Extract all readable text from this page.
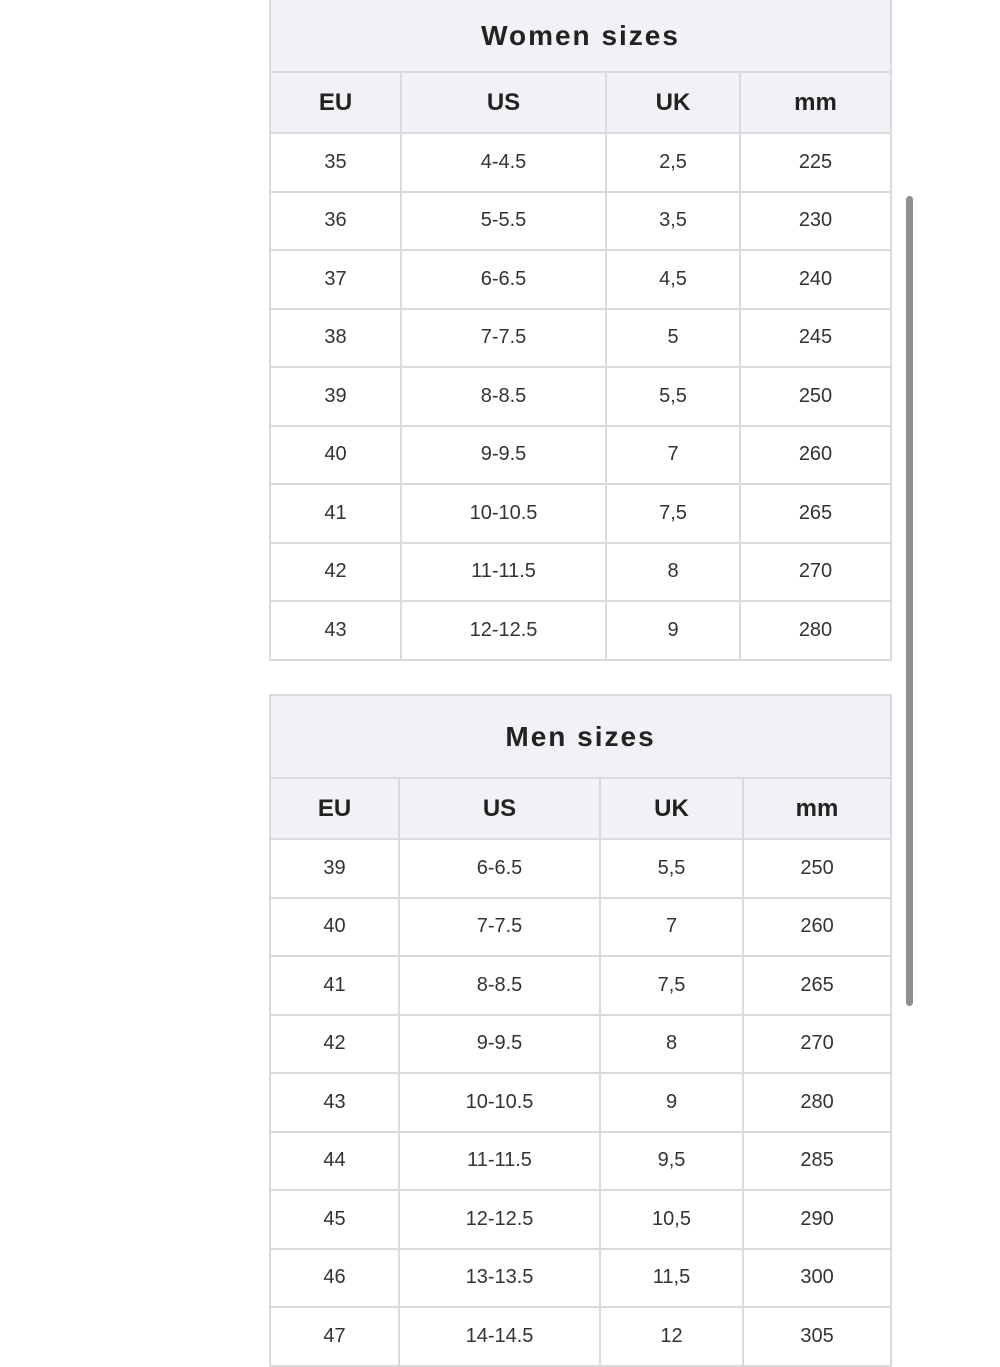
Women sizes			
EU	US	UK	mm
35	4-4.5	2,5	225
36	5-5.5	3,5	230
37	6-6.5	4,5	240
38	7-7.5	5	245
39	8-8.5	5,5	250
40	9-9.5	7	260
41	10-10.5	7,5	265
42	11-11.5	8	270
43	12-12.5	9	280
Men sizes			
EU	US	UK	mm
39	6-6.5	5,5	250
40	7-7.5	7	260
41	8-8.5	7,5	265
42	9-9.5	8	270
43	10-10.5	9	280
44	11-11.5	9,5	285
45	12-12.5	10,5	290
46	13-13.5	11,5	300
47	14-14.5	12	305
